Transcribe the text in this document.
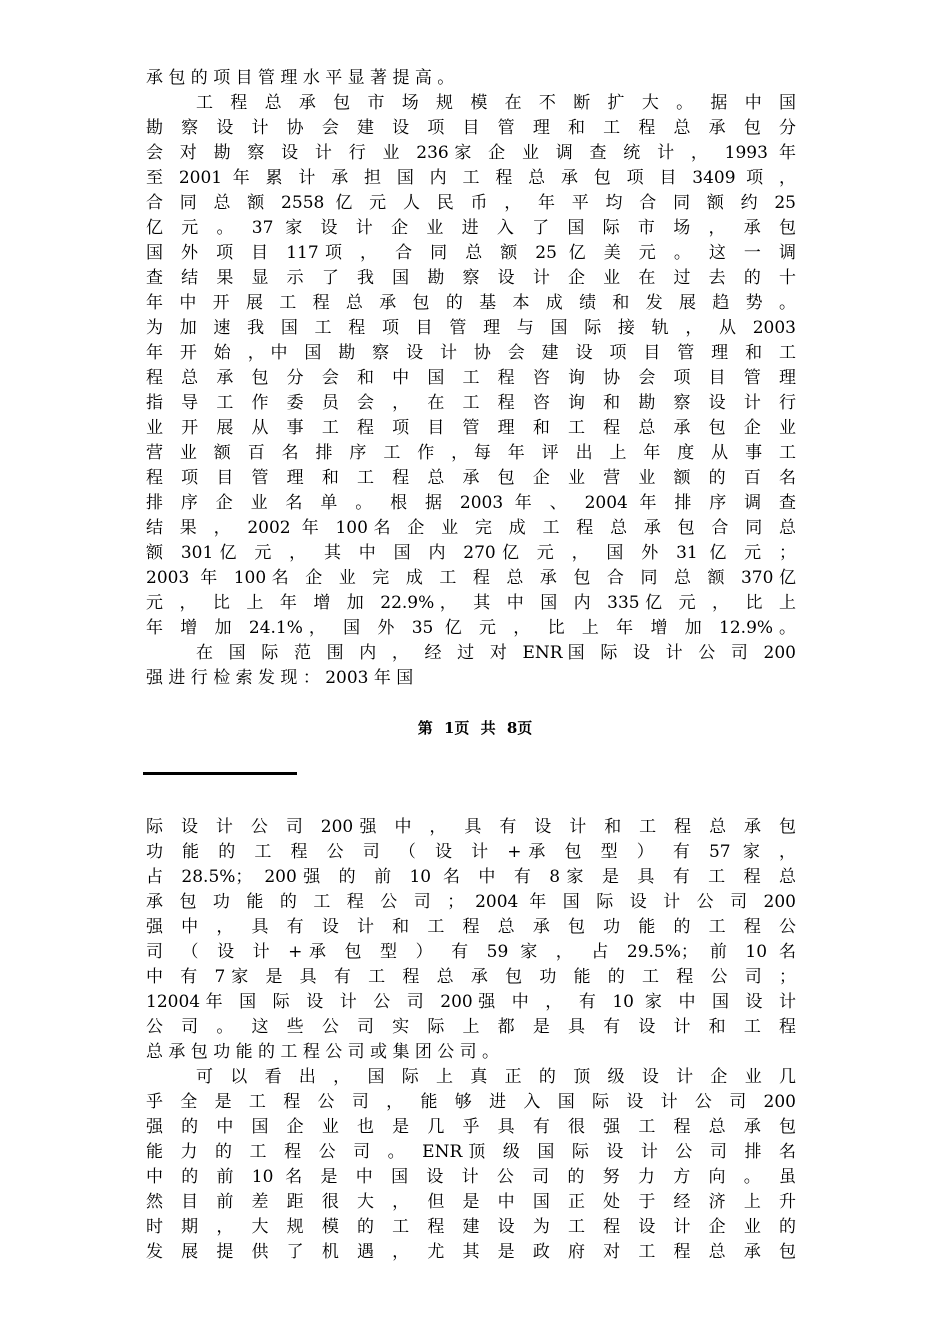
承 包 的 项 目 管 理 水 平 显 著 提 高 。
工 程 总 承 包 市 场 规 模 在 不 断 扩 大 。 据 中 国
勘 察 设 计 协 会 建 设 项 目 管 理 和 工 程 总 承 包 分
会 对 勘 察 设 计 行 业 236家 企 业 调 查 统 计 ， 1993 年
至 2001 年 累 计 承 担 国 内 工 程 总 承 包 项 目 3409 项 ，
合 同 总 额 2558 亿 元 人 民 币 ， 年 平 均 合 同 额 约 25
亿 元 。 37 家 设 计 企 业 进 入 了 国 际 市 场 ， 承 包
国 外 项 目 117项 ， 合 同 总 额 25 亿 美 元 。 这 一 调
查 结 果 显 示 了 我 国 勘 察 设 计 企 业 在 过 去 的 十
年 中 开 展 工 程 总 承 包 的 基 本 成 绩 和 发 展 趋 势 。
为 加 速 我 国 工 程 项 目 管 理 与 国 际 接 轨 ， 从 2003
年 开 始 ，中 国 勘 察 设 计 协 会 建 设 项 目 管 理 和 工
程 总 承 包 分 会 和 中 国 工 程 咨 询 协 会 项 目 管 理
指 导 工 作 委 员 会 ， 在 工 程 咨 询 和 勘 察 设 计 行
业 开 展 从 事 工 程 项 目 管 理 和 工 程 总 承 包 企 业
营 业 额 百 名 排 序 工 作 ，每 年 评 出 上 年 度 从 事 工
程 项 目 管 理 和 工 程 总 承 包 企 业 营 业 额 的 百 名
排 序 企 业 名 单 。 根 据 2003 年 、 2004 年 排 序 调 查
结 果 ， 2002 年 100名 企 业 完 成 工 程 总 承 包 合 同 总
额 301亿 元 ， 其 中 国 内 270亿 元 ， 国 外 31 亿 元 ；
2003 年 100名 企 业 完 成 工 程 总 承 包 合 同 总 额 370亿
元 ， 比 上 年 增 加 22.9%， 其 中 国 内 335亿 元 ， 比 上
年 增 加 24.1%， 国 外 35 亿 元 ， 比 上 年 增 加 12.9%。
在 国 际 范 围 内 ， 经 过 对 ENR国 际 设 计 公 司 200
强 进 行 检 索 发 现 ： 2003 年 国
第 1页 共 8页
际 设 计 公 司 200强 中 ， 具 有 设 计 和 工 程 总 承 包
功 能 的 工 程 公 司 （ 设 计 +承 包 型 ） 有 57 家 ，
占 28.5%； 200强 的 前 10 名 中 有 8家 是 具 有 工 程 总
承 包 功 能 的 工 程 公 司 ； 2004 年 国 际 设 计 公 司 200
强 中 ， 具 有 设 计 和 工 程 总 承 包 功 能 的 工 程 公
司 （ 设 计 +承 包 型 ） 有 59 家 ， 占 29.5%； 前 10 名
中 有 7家 是 具 有 工 程 总 承 包 功 能 的 工 程 公 司 ；
12004年 国 际 设 计 公 司 200强 中 ， 有 10 家 中 国 设 计
公 司 。 这 些 公 司 实 际 上 都 是 具 有 设 计 和 工 程
总 承 包 功 能 的 工 程 公 司 或 集 团 公 司 。
可 以 看 出 ， 国 际 上 真 正 的 顶 级 设 计 企 业 几
乎 全 是 工 程 公 司 ， 能 够 进 入 国 际 设 计 公 司 200
强 的 中 国 企 业 也 是 几 乎 具 有 很 强 工 程 总 承 包
能 力 的 工 程 公 司 。 ENR顶 级 国 际 设 计 公 司 排 名
中 的 前 10 名 是 中 国 设 计 公 司 的 努 力 方 向 。 虽
然 目 前 差 距 很 大 ， 但 是 中 国 正 处 于 经 济 上 升
时 期 ， 大 规 模 的 工 程 建 设 为 工 程 设 计 企 业 的
发 展 提 供 了 机 遇 ， 尤 其 是 政 府 对 工 程 总 承 包
